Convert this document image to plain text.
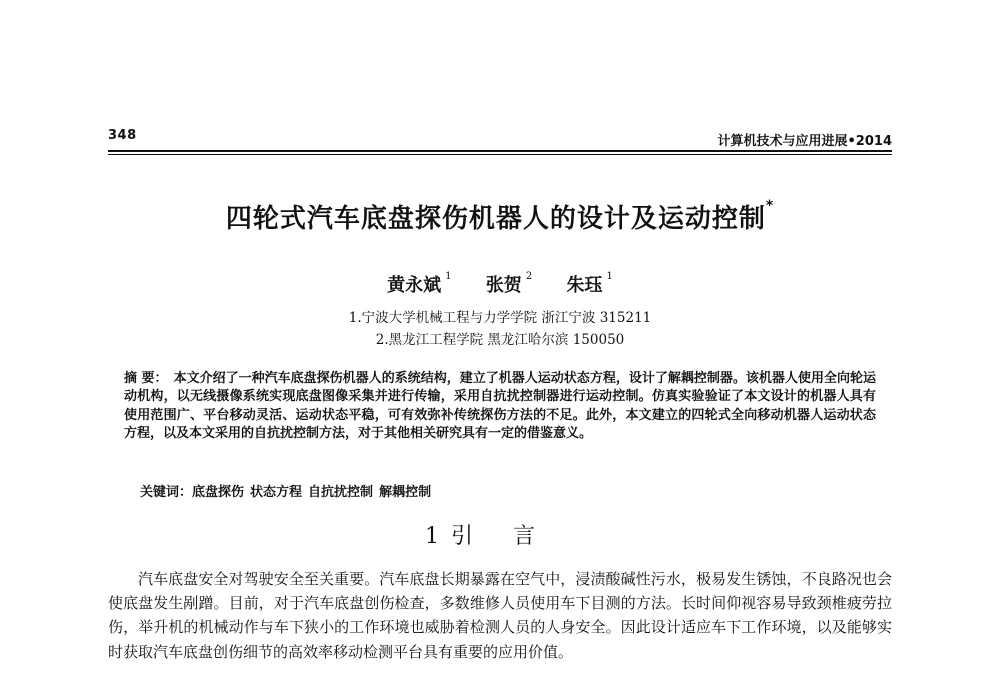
348	计算机技术与应用进展•2014
四轮式汽车底盘探伤机器人的设计及运动控制*
黄永斌 $^1$ 张贺 $^2$ 朱珏 $^1$
1.宁波大学机械工程与力学学院 浙江宁波 315211
2.黑龙江工程学院 黑龙江哈尔滨 150050
摘 要： 本文介绍了一种汽车底盘探伤机器人的系统结构，建立了机器人运动状态方程，设计了解耦控制器。该机器人使用全向轮运动机构，以无线摄像系统实现底盘图像采集并进行传输，采用自抗扰控制器进行运动控制。仿真实验验证了本文设计的机器人具有使用范围广、平台移动灵活、运动状态平稳，可有效弥补传统探伤方法的不足。此外，本文建立的四轮式全向移动机器人运动状态方程，以及本文采用的自抗扰控制方法，对于其他相关研究具有一定的借鉴意义。
关键词：底盘探伤 状态方程 自抗扰控制 解耦控制
1 引言
汽车底盘安全对驾驶安全至关重要。汽车底盘长期暴露在空气中，浸渍酸碱性污水，极易发生锈蚀，不良路况也会使底盘发生剐蹭。目前，对于汽车底盘创伤检查，多数维修人员使用车下目测的方法。长时间仰视容易导致颈椎疲劳拉伤，举升机的机械动作与车下狭小的工作环境也威胁着检测人员的人身安全。因此设计适应车下工作环境，以及能够实时获取汽车底盘创伤细节的高效率移动检测平台具有重要的应用价值。
